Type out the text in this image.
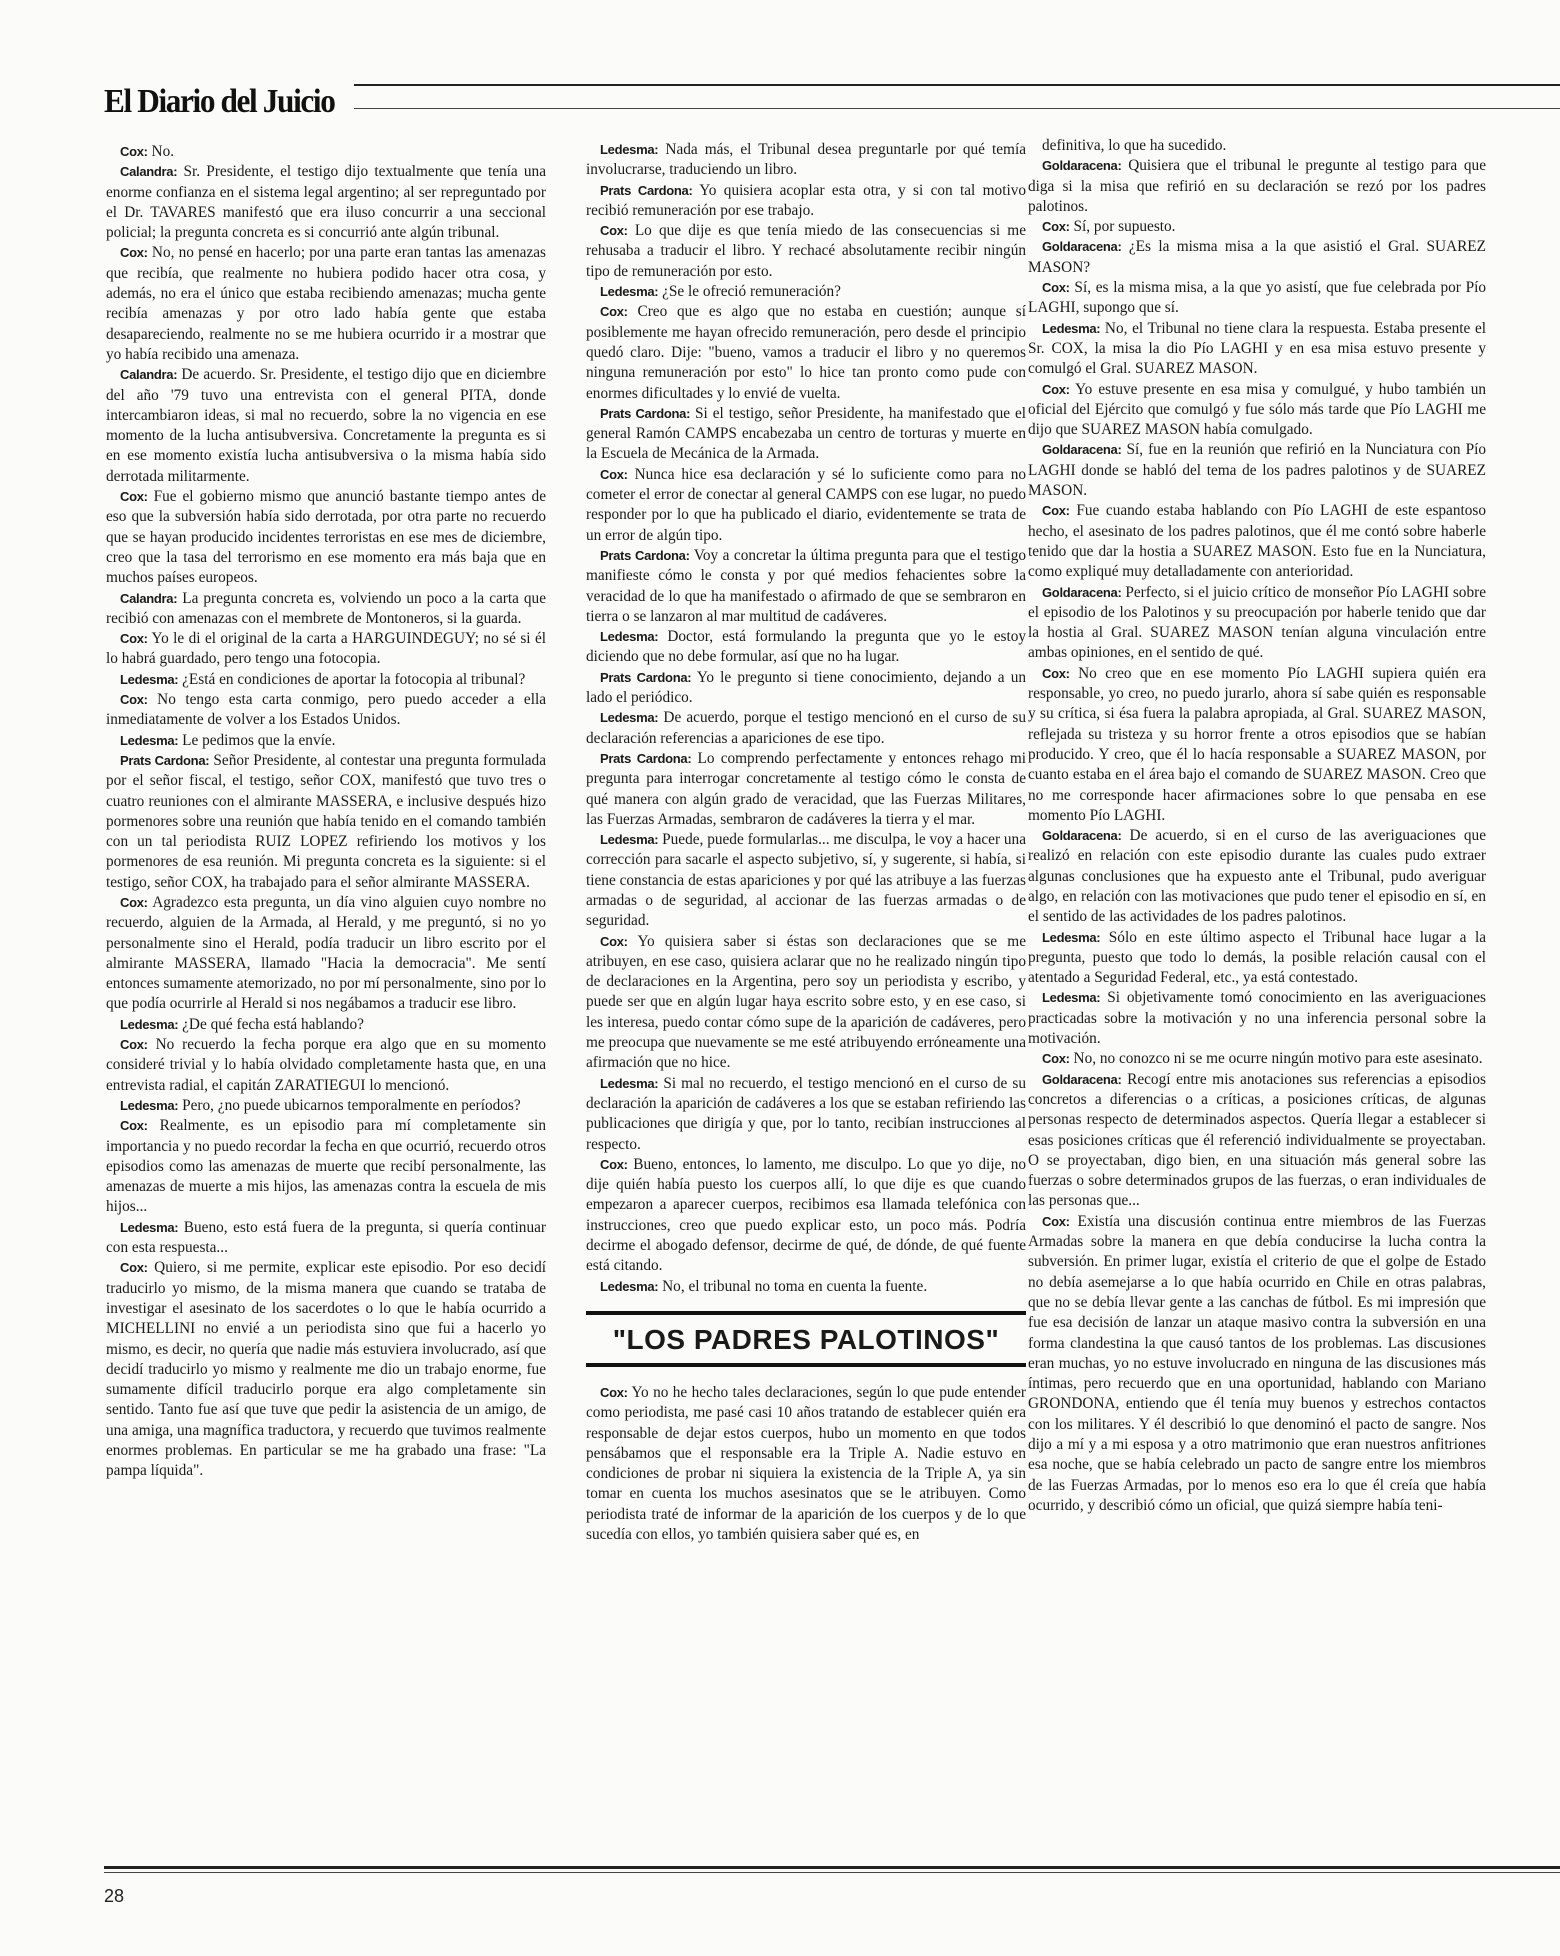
El Diario del Juicio

Cox: No.

Calandra: Sr. Presidente, el testigo dijo textualmente que tenía una enorme confianza en el sistema legal argentino; al ser repreguntado por el Dr. TAVARES manifestó que era iluso concurrir a una seccional policial; la pregunta concreta es si concurrió ante algún tribunal.

Cox: No, no pensé en hacerlo; por una parte eran tantas las amenazas que recibía, que realmente no hubiera podido hacer otra cosa, y además, no era el único que estaba recibiendo amenazas; mucha gente recibía amenazas y por otro lado había gente que estaba desapareciendo, realmente no se me hubiera ocurrido ir a mostrar que yo había recibido una amenaza.

Calandra: De acuerdo. Sr. Presidente, el testigo dijo que en diciembre del año '79 tuvo una entrevista con el general PITA, donde intercambiaron ideas, si mal no recuerdo, sobre la no vigencia en ese momento de la lucha antisubversiva. Concretamente la pregunta es si en ese momento existía lucha antisubversiva o la misma había sido derrotada militarmente.

Cox: Fue el gobierno mismo que anunció bastante tiempo antes de eso que la subversión había sido derrotada, por otra parte no recuerdo que se hayan producido incidentes terroristas en ese mes de diciembre, creo que la tasa del terrorismo en ese momento era más baja que en muchos países europeos.

Calandra: La pregunta concreta es, volviendo un poco a la carta que recibió con amenazas con el membrete de Montoneros, si la guarda.

Cox: Yo le di el original de la carta a HARGUINDEGUY; no sé si él lo habrá guardado, pero tengo una fotocopia.

Ledesma: ¿Está en condiciones de aportar la fotocopia al tribunal?

Cox: No tengo esta carta conmigo, pero puedo acceder a ella inmediatamente de volver a los Estados Unidos.

Ledesma: Le pedimos que la envíe.

Prats Cardona: Señor Presidente, al contestar una pregunta formulada por el señor fiscal, el testigo, señor COX, manifestó que tuvo tres o cuatro reuniones con el almirante MASSERA, e inclusive después hizo pormenores sobre una reunión que había tenido en el comando también con un tal periodista RUIZ LOPEZ refiriendo los motivos y los pormenores de esa reunión. Mi pregunta concreta es la siguiente: si el testigo, señor COX, ha trabajado para el señor almirante MASSERA.

Cox: Agradezco esta pregunta, un día vino alguien cuyo nombre no recuerdo, alguien de la Armada, al Herald, y me preguntó, si no yo personalmente sino el Herald, podía traducir un libro escrito por el almirante MASSERA, llamado "Hacia la democracia". Me sentí entonces sumamente atemorizado, no por mí personalmente, sino por lo que podía ocurrirle al Herald si nos negábamos a traducir ese libro.

Ledesma: ¿De qué fecha está hablando?

Cox: No recuerdo la fecha porque era algo que en su momento consideré trivial y lo había olvidado completamente hasta que, en una entrevista radial, el capitán ZARATIEGUI lo mencionó.

Ledesma: Pero, ¿no puede ubicarnos temporalmente en períodos?

Cox: Realmente, es un episodio para mí completamente sin importancia y no puedo recordar la fecha en que ocurrió, recuerdo otros episodios como las amenazas de muerte que recibí personalmente, las amenazas de muerte a mis hijos, las amenazas contra la escuela de mis hijos...

Ledesma: Bueno, esto está fuera de la pregunta, si quería continuar con esta respuesta...

Cox: Quiero, si me permite, explicar este episodio. Por eso decidí traducirlo yo mismo, de la misma manera que cuando se trataba de investigar el asesinato de los sacerdotes o lo que le había ocurrido a MICHELLINI no envié a un periodista sino que fui a hacerlo yo mismo, es decir, no quería que nadie más estuviera involucrado, así que decidí traducirlo yo mismo y realmente me dio un trabajo enorme, fue sumamente difícil traducirlo porque era algo completamente sin sentido. Tanto fue así que tuve que pedir la asistencia de un amigo, de una amiga, una magnífica traductora, y recuerdo que tuvimos realmente enormes problemas. En particular se me ha grabado una frase: "La pampa líquida".

Ledesma: Nada más, el Tribunal desea preguntarle por qué temía involucrarse, traduciendo un libro.

Prats Cardona: Yo quisiera acoplar esta otra, y si con tal motivo recibió remuneración por ese trabajo.

Cox: Lo que dije es que tenía miedo de las consecuencias si me rehusaba a traducir el libro. Y rechacé absolutamente recibir ningún tipo de remuneración por esto.

Ledesma: ¿Se le ofreció remuneración?

Cox: Creo que es algo que no estaba en cuestión; aunque sí posiblemente me hayan ofrecido remuneración, pero desde el principio quedó claro. Dije: "bueno, vamos a traducir el libro y no queremos ninguna remuneración por esto" lo hice tan pronto como pude con enormes dificultades y lo envié de vuelta.

Prats Cardona: Si el testigo, señor Presidente, ha manifestado que el general Ramón CAMPS encabezaba un centro de torturas y muerte en la Escuela de Mecánica de la Armada.

Cox: Nunca hice esa declaración y sé lo suficiente como para no cometer el error de conectar al general CAMPS con ese lugar, no puedo responder por lo que ha publicado el diario, evidentemente se trata de un error de algún tipo.

Prats Cardona: Voy a concretar la última pregunta para que el testigo manifieste cómo le consta y por qué medios fehacientes sobre la veracidad de lo que ha manifestado o afirmado de que se sembraron en tierra o se lanzaron al mar multitud de cadáveres.

Ledesma: Doctor, está formulando la pregunta que yo le estoy diciendo que no debe formular, así que no ha lugar.

Prats Cardona: Yo le pregunto si tiene conocimiento, dejando a un lado el periódico.

Ledesma: De acuerdo, porque el testigo mencionó en el curso de su declaración referencias a apariciones de ese tipo.

Prats Cardona: Lo comprendo perfectamente y entonces rehago mi pregunta para interrogar concretamente al testigo cómo le consta de qué manera con algún grado de veracidad, que las Fuerzas Militares, las Fuerzas Armadas, sembraron de cadáveres la tierra y el mar.

Ledesma: Puede, puede formularlas... me disculpa, le voy a hacer una corrección para sacarle el aspecto subjetivo, sí, y sugerente, si había, si tiene constancia de estas apariciones y por qué las atribuye a las fuerzas armadas o de seguridad, al accionar de las fuerzas armadas o de seguridad.

Cox: Yo quisiera saber si éstas son declaraciones que se me atribuyen, en ese caso, quisiera aclarar que no he realizado ningún tipo de declaraciones en la Argentina, pero soy un periodista y escribo, y puede ser que en algún lugar haya escrito sobre esto, y en ese caso, si les interesa, puedo contar cómo supe de la aparición de cadáveres, pero me preocupa que nuevamente se me esté atribuyendo erróneamente una afirmación que no hice.

Ledesma: Si mal no recuerdo, el testigo mencionó en el curso de su declaración la aparición de cadáveres a los que se estaban refiriendo las publicaciones que dirigía y que, por lo tanto, recibían instrucciones al respecto.

Cox: Bueno, entonces, lo lamento, me disculpo. Lo que yo dije, no dije quién había puesto los cuerpos allí, lo que dije es que cuando empezaron a aparecer cuerpos, recibimos esa llamada telefónica con instrucciones, creo que puedo explicar esto, un poco más. Podría decirme el abogado defensor, decirme de qué, de dónde, de qué fuente está citando.

Ledesma: No, el tribunal no toma en cuenta la fuente.

"LOS PADRES PALOTINOS"

Cox: Yo no he hecho tales declaraciones, según lo que pude entender como periodista, me pasé casi 10 años tratando de establecer quién era responsable de dejar estos cuerpos, hubo un momento en que todos pensábamos que el responsable era la Triple A. Nadie estuvo en condiciones de probar ni siquiera la existencia de la Triple A, ya sin tomar en cuenta los muchos asesinatos que se le atribuyen. Como periodista traté de informar de la aparición de los cuerpos y de lo que sucedía con ellos, yo también quisiera saber qué es, en

definitiva, lo que ha sucedido.

Goldaracena: Quisiera que el tribunal le pregunte al testigo para que diga si la misa que refirió en su declaración se rezó por los padres palotinos.

Cox: Sí, por supuesto.

Goldaracena: ¿Es la misma misa a la que asistió el Gral. SUAREZ MASON?

Cox: Sí, es la misma misa, a la que yo asistí, que fue celebrada por Pío LAGHI, supongo que sí.

Ledesma: No, el Tribunal no tiene clara la respuesta. Estaba presente el Sr. COX, la misa la dio Pío LAGHI y en esa misa estuvo presente y comulgó el Gral. SUAREZ MASON.

Cox: Yo estuve presente en esa misa y comulgué, y hubo también un oficial del Ejército que comulgó y fue sólo más tarde que Pío LAGHI me dijo que SUAREZ MASON había comulgado.

Goldaracena: Sí, fue en la reunión que refirió en la Nunciatura con Pío LAGHI donde se habló del tema de los padres palotinos y de SUAREZ MASON.

Cox: Fue cuando estaba hablando con Pío LAGHI de este espantoso hecho, el asesinato de los padres palotinos, que él me contó sobre haberle tenido que dar la hostia a SUAREZ MASON. Esto fue en la Nunciatura, como expliqué muy detalladamente con anterioridad.

Goldaracena: Perfecto, si el juicio crítico de monseñor Pío LAGHI sobre el episodio de los Palotinos y su preocupación por haberle tenido que dar la hostia al Gral. SUAREZ MASON tenían alguna vinculación entre ambas opiniones, en el sentido de qué.

Cox: No creo que en ese momento Pío LAGHI supiera quién era responsable, yo creo, no puedo jurarlo, ahora sí sabe quién es responsable y su crítica, si ésa fuera la palabra apropiada, al Gral. SUAREZ MASON, reflejada su tristeza y su horror frente a otros episodios que se habían producido. Y creo, que él lo hacía responsable a SUAREZ MASON, por cuanto estaba en el área bajo el comando de SUAREZ MASON. Creo que no me corresponde hacer afirmaciones sobre lo que pensaba en ese momento Pío LAGHI.

Goldaracena: De acuerdo, si en el curso de las averiguaciones que realizó en relación con este episodio durante las cuales pudo extraer algunas conclusiones que ha expuesto ante el Tribunal, pudo averiguar algo, en relación con las motivaciones que pudo tener el episodio en sí, en el sentido de las actividades de los padres palotinos.

Ledesma: Sólo en este último aspecto el Tribunal hace lugar a la pregunta, puesto que todo lo demás, la posible relación causal con el atentado a Seguridad Federal, etc., ya está contestado.

Ledesma: Si objetivamente tomó conocimiento en las averiguaciones practicadas sobre la motivación y no una inferencia personal sobre la motivación.

Cox: No, no conozco ni se me ocurre ningún motivo para este asesinato.

Goldaracena: Recogí entre mis anotaciones sus referencias a episodios concretos a diferencias o a críticas, a posiciones críticas, de algunas personas respecto de determinados aspectos. Quería llegar a establecer si esas posiciones críticas que él referenció individualmente se proyectaban. O se proyectaban, digo bien, en una situación más general sobre las fuerzas o sobre determinados grupos de las fuerzas, o eran individuales de las personas que...

Cox: Existía una discusión continua entre miembros de las Fuerzas Armadas sobre la manera en que debía conducirse la lucha contra la subversión. En primer lugar, existía el criterio de que el golpe de Estado no debía asemejarse a lo que había ocurrido en Chile en otras palabras, que no se debía llevar gente a las canchas de fútbol. Es mi impresión que fue esa decisión de lanzar un ataque masivo contra la subversión en una forma clandestina la que causó tantos de los problemas. Las discusiones eran muchas, yo no estuve involucrado en ninguna de las discusiones más íntimas, pero recuerdo que en una oportunidad, hablando con Mariano GRONDONA, entiendo que él tenía muy buenos y estrechos contactos con los militares. Y él describió lo que denominó el pacto de sangre. Nos dijo a mí y a mi esposa y a otro matrimonio que eran nuestros anfitriones esa noche, que se había celebrado un pacto de sangre entre los miembros de las Fuerzas Armadas, por lo menos eso era lo que él creía que había ocurrido, y describió cómo un oficial, que quizá siempre había teni-

28
